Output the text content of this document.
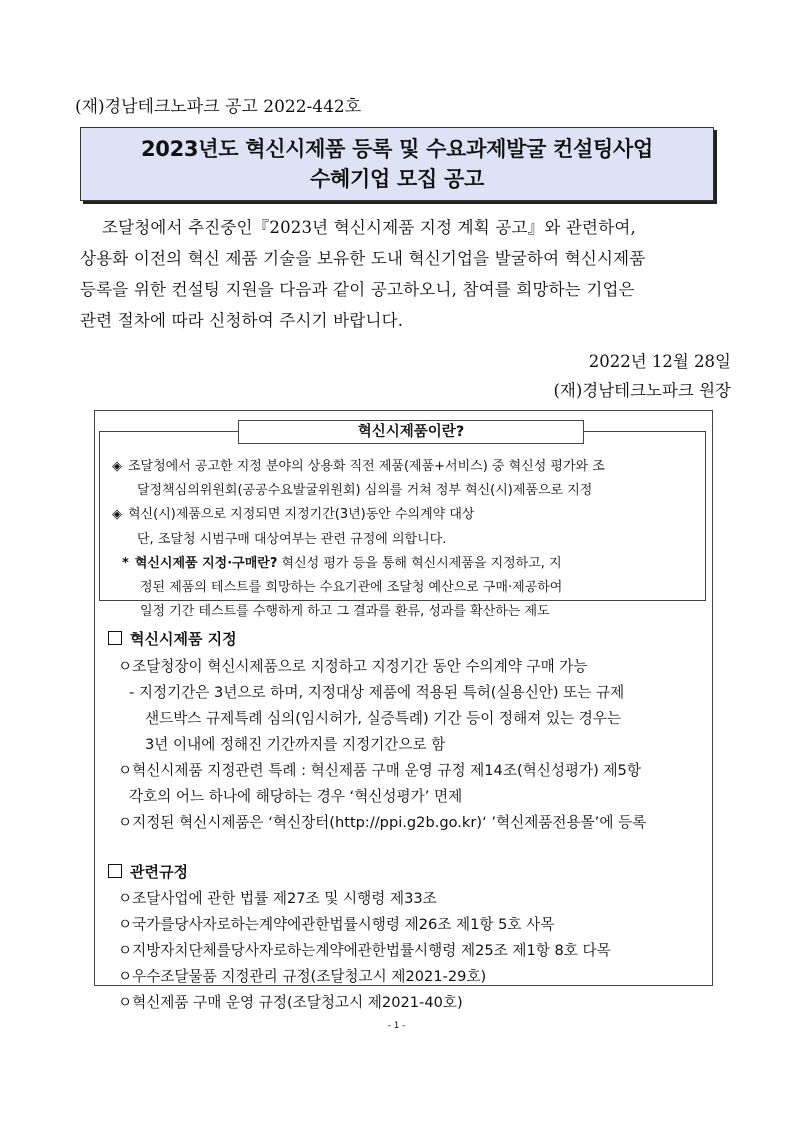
(재)경남테크노파크 공고 2022-442호
2023년도 혁신시제품 등록 및 수요과제발굴 컨설팅사업
수혜기업 모집 공고
조달청에서 추진중인『2023년 혁신시제품 지정 계획 공고』와 관련하여,
상용화 이전의 혁신 제품 기술을 보유한 도내 혁신기업을 발굴하여 혁신시제품
등록을 위한 컨설팅 지원을 다음과 같이 공고하오니, 참여를 희망하는 기업은
관련 절차에 따라 신청하여 주시기 바랍니다.
2022년 12월 28일
(재)경남테크노파크 원장
혁신시제품이란?
◈ 조달청에서 공고한 지정 분야의 상용화 직전 제품(제품+서비스) 중 혁신성 평가와 조
달정책심의위원회(공공수요발굴위원회) 심의를 거쳐 정부 혁신(시)제품으로 지정
◈ 혁신(시)제품으로 지정되면 지정기간(3년)동안 수의계약 대상
단, 조달청 시범구매 대상여부는 관련 규정에 의합니다.
* 혁신시제품 지정·구매란? 혁신성 평가 등을 통해 혁신시제품을 지정하고, 지
정된 제품의 테스트를 희망하는 수요기관에 조달청 예산으로 구매·제공하여
일정 기간 테스트를 수행하게 하고 그 결과를 환류, 성과를 확산하는 제도
혁신시제품 지정
ㅇ조달청장이 혁신시제품으로 지정하고 지정기간 동안 수의계약 구매 가능
- 지정기간은 3년으로 하며, 지정대상 제품에 적용된 특허(실용신안) 또는 규제
샌드박스 규제특례 심의(임시허가, 실증특례) 기간 등이 정해져 있는 경우는
3년 이내에 정해진 기간까지를 지정기간으로 함
ㅇ혁신시제품 지정관련 특례 : 혁신제품 구매 운영 규정 제14조(혁신성평가) 제5항
각호의 어느 하나에 해당하는 경우 ‘혁신성평가’ 면제
ㅇ지정된 혁신시제품은 ‘혁신장터(http://ppi.g2b.go.kr)‘ ’혁신제품전용몰’에 등록
관련규정
ㅇ조달사업에 관한 법률 제27조 및 시행령 제33조
ㅇ국가를당사자로하는계약에관한법률시행령 제26조 제1항 5호 사목
ㅇ지방자치단체를당사자로하는계약에관한법률시행령 제25조 제1항 8호 다목
ㅇ우수조달물품 지정관리 규정(조달청고시 제2021-29호)
ㅇ혁신제품 구매 운영 규정(조달청고시 제2021-40호)
- 1 -
